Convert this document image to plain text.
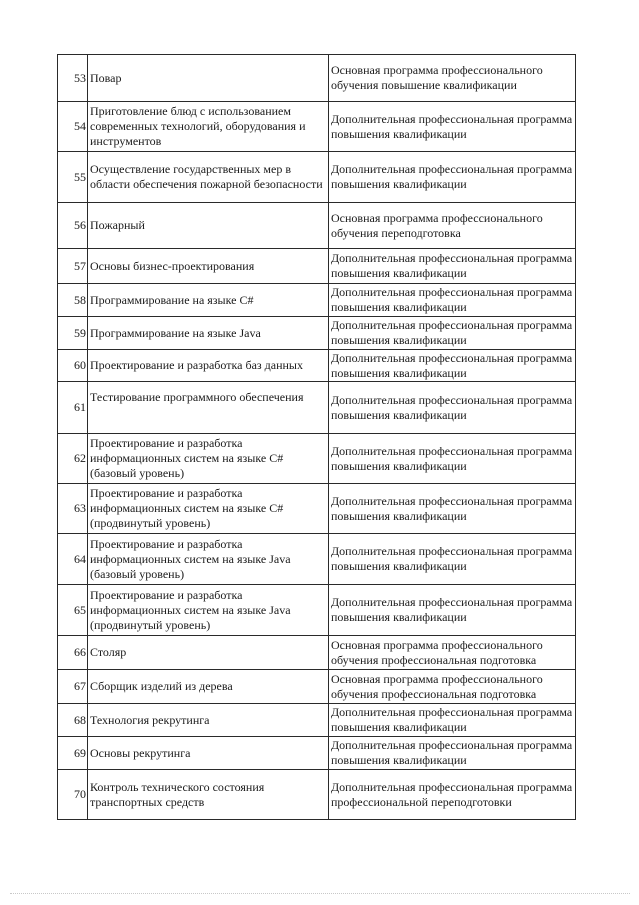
53	Повар	Основная программа профессионального обучения повышение квалификации
54	Приготовление блюд с использованием современных технологий, оборудования и инструментов	Дополнительная профессиональная программа повышения квалификации
55	Осуществление государственных мер в области обеспечения пожарной безопасности	Дополнительная профессиональная программа повышения квалификации
56	Пожарный	Основная программа профессионального обучения переподготовка
57	Основы бизнес-проектирования	Дополнительная профессиональная программа повышения квалификации
58	Программирование на языке С#	Дополнительная профессиональная программа повышения квалификации
59	Программирование на языке Java	Дополнительная профессиональная программа повышения квалификации
60	Проектирование и разработка баз данных	Дополнительная профессиональная программа повышения квалификации
61	Тестирование программного обеспечения	Дополнительная профессиональная программа повышения квалификации
62	Проектирование и разработка информационных систем на языке С# (базовый уровень)	Дополнительная профессиональная программа повышения квалификации
63	Проектирование и разработка информационных систем на языке С# (продвинутый уровень)	Дополнительная профессиональная программа повышения квалификации
64	Проектирование и разработка информационных систем на языке Java (базовый уровень)	Дополнительная профессиональная программа повышения квалификации
65	Проектирование и разработка информационных систем на языке Java (продвинутый уровень)	Дополнительная профессиональная программа повышения квалификации
66	Столяр	Основная программа профессионального обучения профессиональная подготовка
67	Сборщик изделий из дерева	Основная программа профессионального обучения профессиональная подготовка
68	Технология рекрутинга	Дополнительная профессиональная программа повышения квалификации
69	Основы рекрутинга	Дополнительная профессиональная программа повышения квалификации
70	Контроль технического состояния транспортных средств	Дополнительная профессиональная программа профессиональной переподготовки
